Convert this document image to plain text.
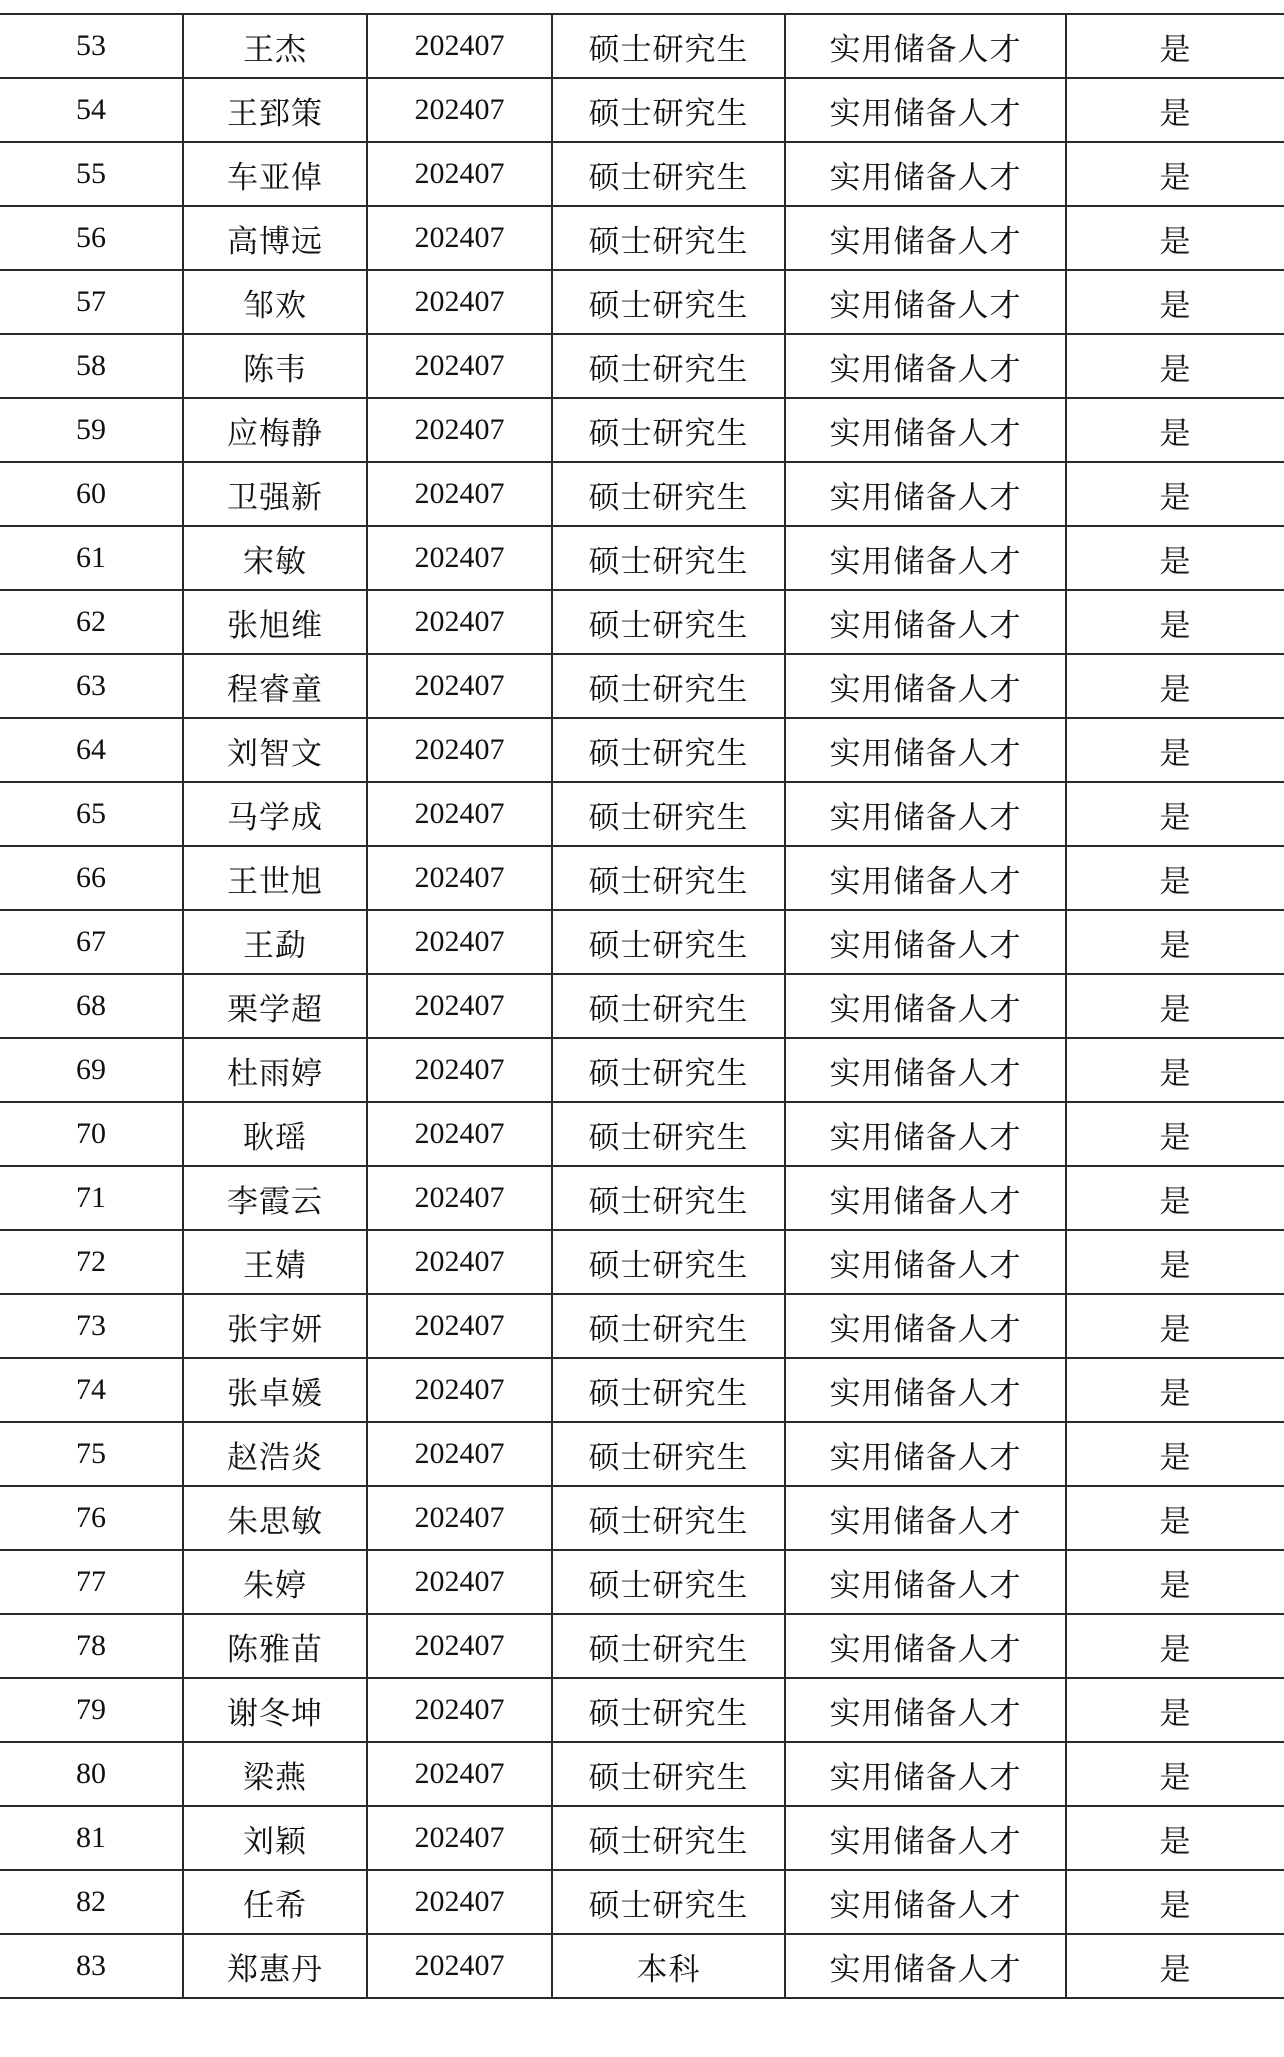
53	王杰	202407	硕士研究生	实用储备人才	是
54	王郅策	202407	硕士研究生	实用储备人才	是
55	车亚倬	202407	硕士研究生	实用储备人才	是
56	高博远	202407	硕士研究生	实用储备人才	是
57	邹欢	202407	硕士研究生	实用储备人才	是
58	陈韦	202407	硕士研究生	实用储备人才	是
59	应梅静	202407	硕士研究生	实用储备人才	是
60	卫强新	202407	硕士研究生	实用储备人才	是
61	宋敏	202407	硕士研究生	实用储备人才	是
62	张旭维	202407	硕士研究生	实用储备人才	是
63	程睿童	202407	硕士研究生	实用储备人才	是
64	刘智文	202407	硕士研究生	实用储备人才	是
65	马学成	202407	硕士研究生	实用储备人才	是
66	王世旭	202407	硕士研究生	实用储备人才	是
67	王勐	202407	硕士研究生	实用储备人才	是
68	栗学超	202407	硕士研究生	实用储备人才	是
69	杜雨婷	202407	硕士研究生	实用储备人才	是
70	耿瑶	202407	硕士研究生	实用储备人才	是
71	李霞云	202407	硕士研究生	实用储备人才	是
72	王婧	202407	硕士研究生	实用储备人才	是
73	张宇妍	202407	硕士研究生	实用储备人才	是
74	张卓媛	202407	硕士研究生	实用储备人才	是
75	赵浩炎	202407	硕士研究生	实用储备人才	是
76	朱思敏	202407	硕士研究生	实用储备人才	是
77	朱婷	202407	硕士研究生	实用储备人才	是
78	陈雅苗	202407	硕士研究生	实用储备人才	是
79	谢冬坤	202407	硕士研究生	实用储备人才	是
80	梁燕	202407	硕士研究生	实用储备人才	是
81	刘颖	202407	硕士研究生	实用储备人才	是
82	任希	202407	硕士研究生	实用储备人才	是
83	郑惠丹	202407	本科	实用储备人才	是
